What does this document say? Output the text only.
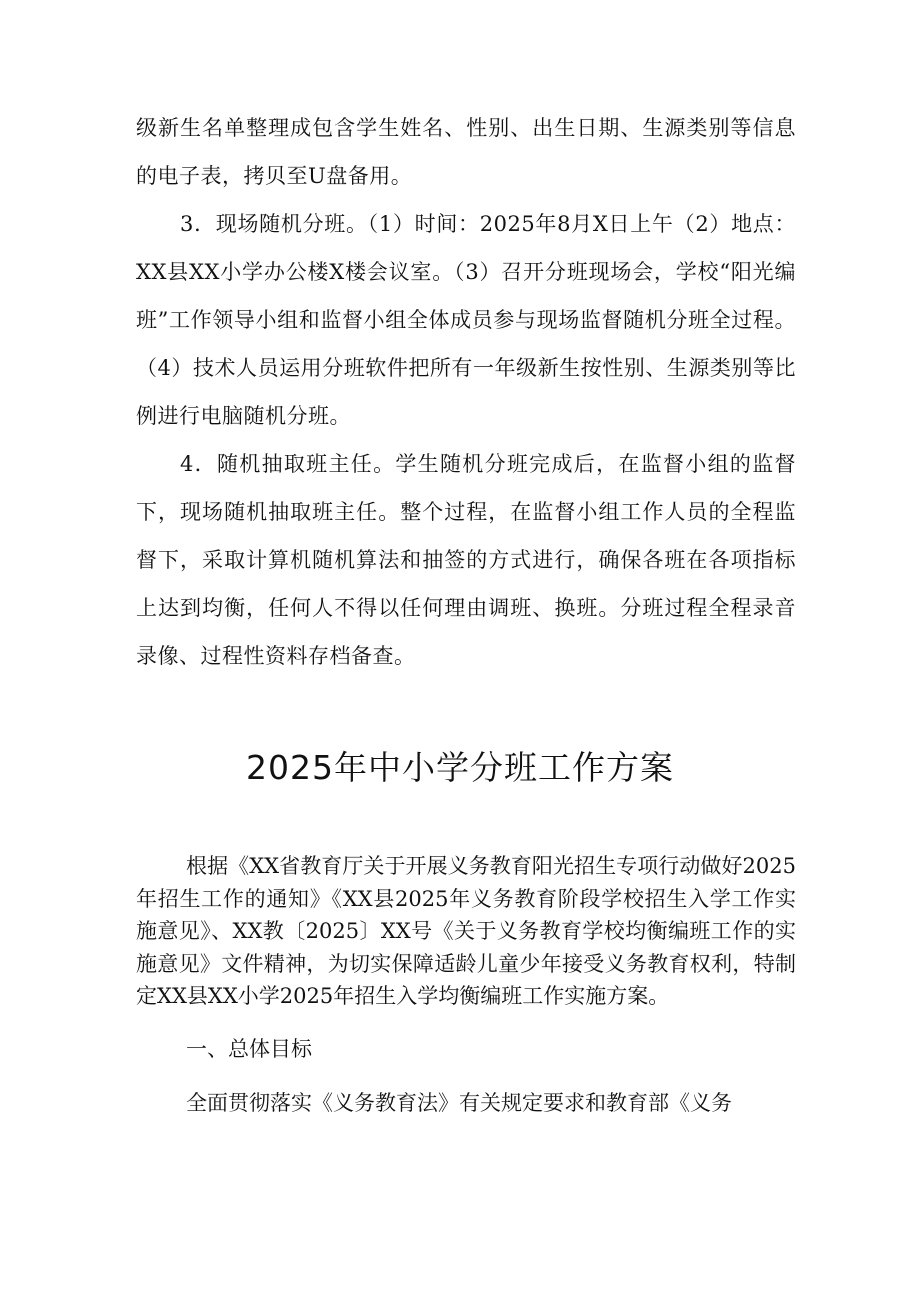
级新生名单整理成包含学生姓名、性别、出生日期、生源类别等信息的电子表，拷贝至U盘备用。

3．现场随机分班。（1）时间：2025年8月X日上午（2）地点：XX县XX小学办公楼X楼会议室。（3）召开分班现场会，学校“阳光编班”工作领导小组和监督小组全体成员参与现场监督随机分班全过程。（4）技术人员运用分班软件把所有一年级新生按性别、生源类别等比例进行电脑随机分班。

4．随机抽取班主任。学生随机分班完成后，在监督小组的监督下，现场随机抽取班主任。整个过程，在监督小组工作人员的全程监督下，采取计算机随机算法和抽签的方式进行，确保各班在各项指标上达到均衡，任何人不得以任何理由调班、换班。分班过程全程录音录像、过程性资料存档备查。

2025年中小学分班工作方案

根据《XX省教育厅关于开展义务教育阳光招生专项行动做好2025年招生工作的通知》《XX县2025年义务教育阶段学校招生入学工作实施意见》、XX教〔2025〕XX号《关于义务教育学校均衡编班工作的实施意见》文件精神，为切实保障适龄儿童少年接受义务教育权利，特制定XX县XX小学2025年招生入学均衡编班工作实施方案。

一、总体目标

全面贯彻落实《义务教育法》有关规定要求和教育部《义务
